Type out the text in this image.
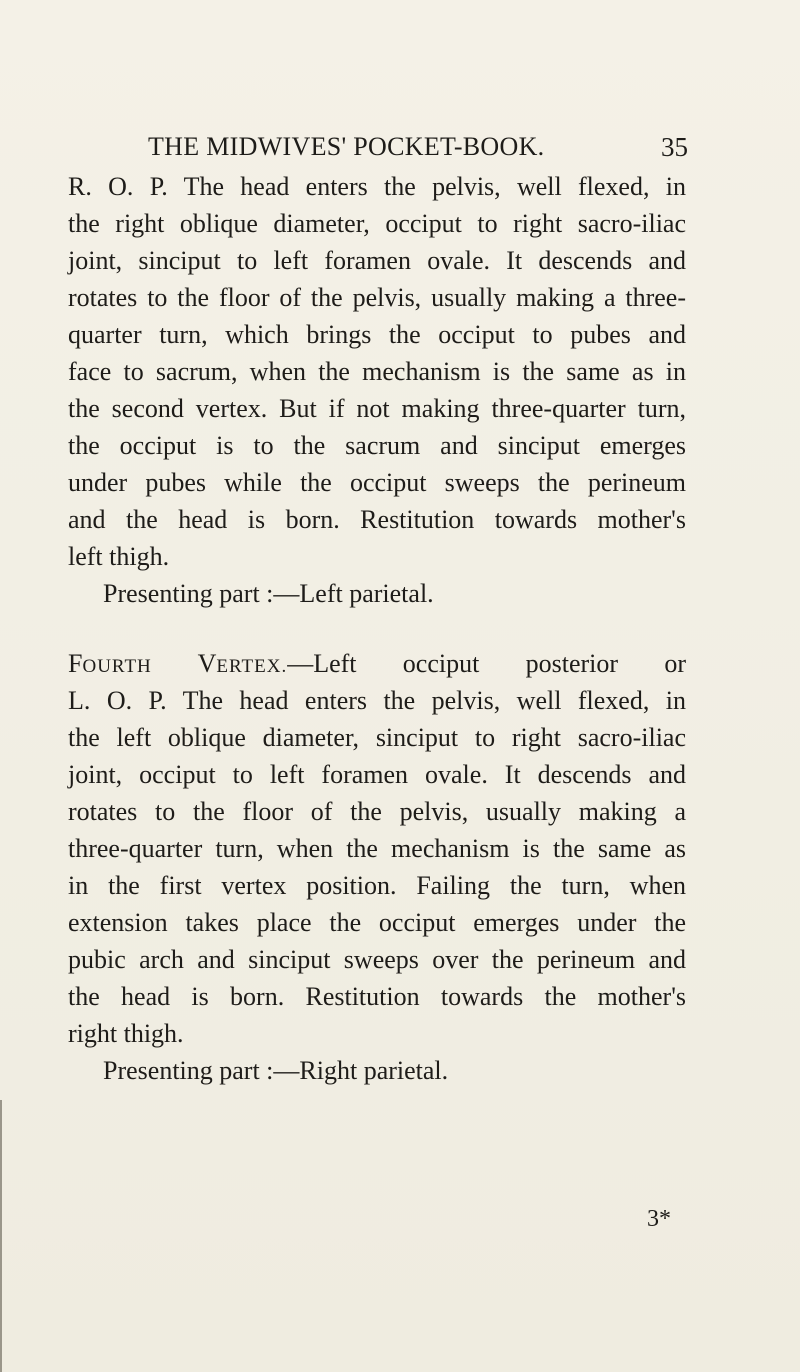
THE MIDWIVES' POCKET-BOOK.	35
R. O. P. The head enters the pelvis, well flexed, in
the right oblique diameter, occiput to right sacro-iliac
joint, sinciput to left foramen ovale. It descends and
rotates to the floor of the pelvis, usually making a three-
quarter turn, which brings the occiput to pubes and
face to sacrum, when the mechanism is the same as in
the second vertex. But if not making three-quarter turn,
the occiput is to the sacrum and sinciput emerges
under pubes while the occiput sweeps the perineum
and the head is born. Restitution towards mother's
left thigh.
Presenting part :—Left parietal.
FOURTH VERTEX.—Left occiput posterior or
L. O. P. The head enters the pelvis, well flexed, in
the left oblique diameter, sinciput to right sacro-iliac
joint, occiput to left foramen ovale. It descends and
rotates to the floor of the pelvis, usually making a
three-quarter turn, when the mechanism is the same as
in the first vertex position. Failing the turn, when
extension takes place the occiput emerges under the
pubic arch and sinciput sweeps over the perineum and
the head is born. Restitution towards the mother's
right thigh.
Presenting part :—Right parietal.
3*
